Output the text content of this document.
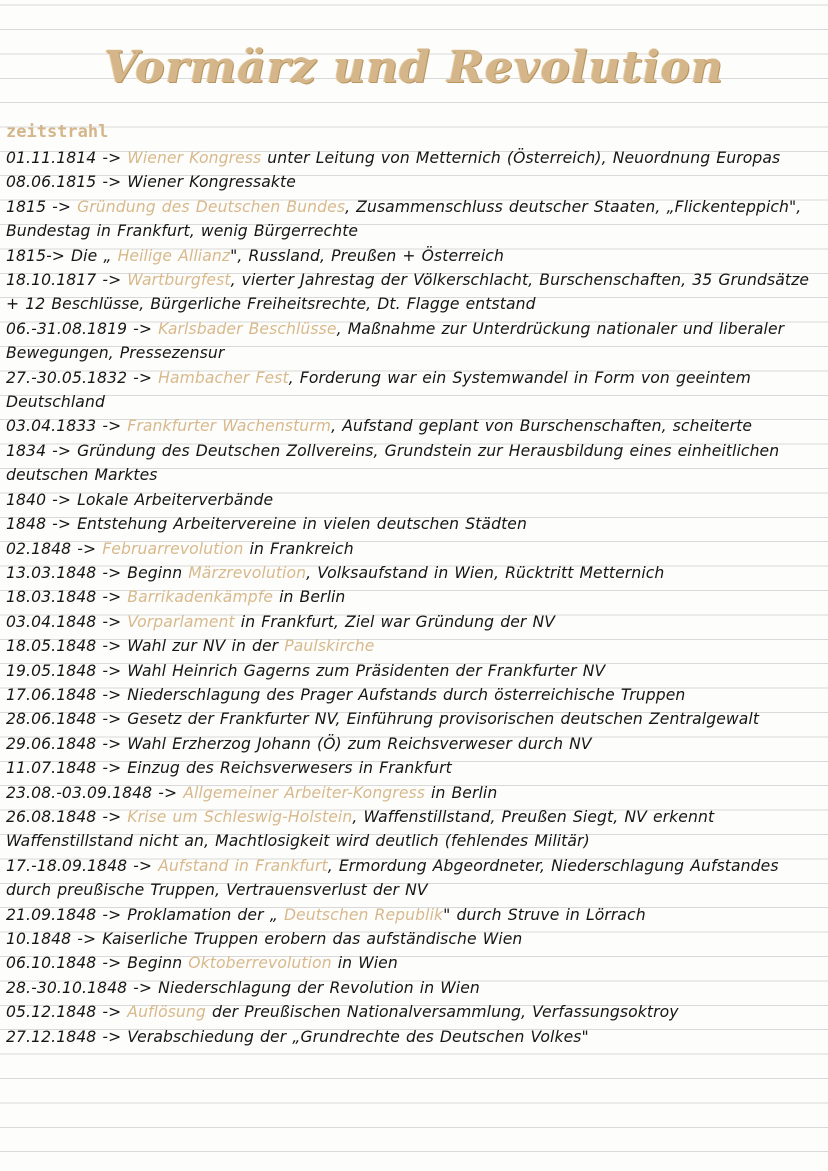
Vormärz und Revolution
zeitstrahl
01.11.1814 -> Wiener Kongress unter Leitung von Metternich (Österreich), Neuordnung Europas
08.06.1815 -> Wiener Kongressakte
1815 -> Gründung des Deutschen Bundes, Zusammenschluss deutscher Staaten, „Flickenteppich", Bundestag in Frankfurt, wenig Bürgerrechte
1815-> Die „ Heilige Allianz", Russland, Preußen + Österreich
18.10.1817 -> Wartburgfest, vierter Jahrestag der Völkerschlacht, Burschenschaften, 35 Grundsätze + 12 Beschlüsse, Bürgerliche Freiheitsrechte, Dt. Flagge entstand
06.-31.08.1819 -> Karlsbader Beschlüsse, Maßnahme zur Unterdrückung nationaler und liberaler Bewegungen, Pressezensur
27.-30.05.1832 -> Hambacher Fest, Forderung war ein Systemwandel in Form von geeintem Deutschland
03.04.1833 -> Frankfurter Wachensturm, Aufstand geplant von Burschenschaften, scheiterte
1834 -> Gründung des Deutschen Zollvereins, Grundstein zur Herausbildung eines einheitlichen deutschen Marktes
1840 -> Lokale Arbeiterverbände
1848 -> Entstehung Arbeitervereine in vielen deutschen Städten
02.1848 -> Februarrevolution in Frankreich
13.03.1848 -> Beginn Märzrevolution, Volksaufstand in Wien, Rücktritt Metternich
18.03.1848 -> Barrikadenkämpfe in Berlin
03.04.1848 -> Vorparlament in Frankfurt, Ziel war Gründung der NV
18.05.1848 -> Wahl zur NV in der Paulskirche
19.05.1848 -> Wahl Heinrich Gagerns zum Präsidenten der Frankfurter NV
17.06.1848 -> Niederschlagung des Prager Aufstands durch österreichische Truppen
28.06.1848 -> Gesetz der Frankfurter NV, Einführung provisorischen deutschen Zentralgewalt
29.06.1848 -> Wahl Erzherzog Johann (Ö) zum Reichsverweser durch NV
11.07.1848 -> Einzug des Reichsverwesers in Frankfurt
23.08.-03.09.1848 -> Allgemeiner Arbeiter-Kongress in Berlin
26.08.1848 -> Krise um Schleswig-Holstein, Waffenstillstand, Preußen Siegt, NV erkennt Waffenstillstand nicht an, Machtlosigkeit wird deutlich (fehlendes Militär)
17.-18.09.1848 -> Aufstand in Frankfurt, Ermordung Abgeordneter, Niederschlagung Aufstandes durch preußische Truppen, Vertrauensverlust der NV
21.09.1848 -> Proklamation der „ Deutschen Republik" durch Struve in Lörrach
10.1848 -> Kaiserliche Truppen erobern das aufständische Wien
06.10.1848 -> Beginn Oktoberrevolution in Wien
28.-30.10.1848 -> Niederschlagung der Revolution in Wien
05.12.1848 -> Auflösung der Preußischen Nationalversammlung, Verfassungsoktroy
27.12.1848 -> Verabschiedung der „Grundrechte des Deutschen Volkes"
